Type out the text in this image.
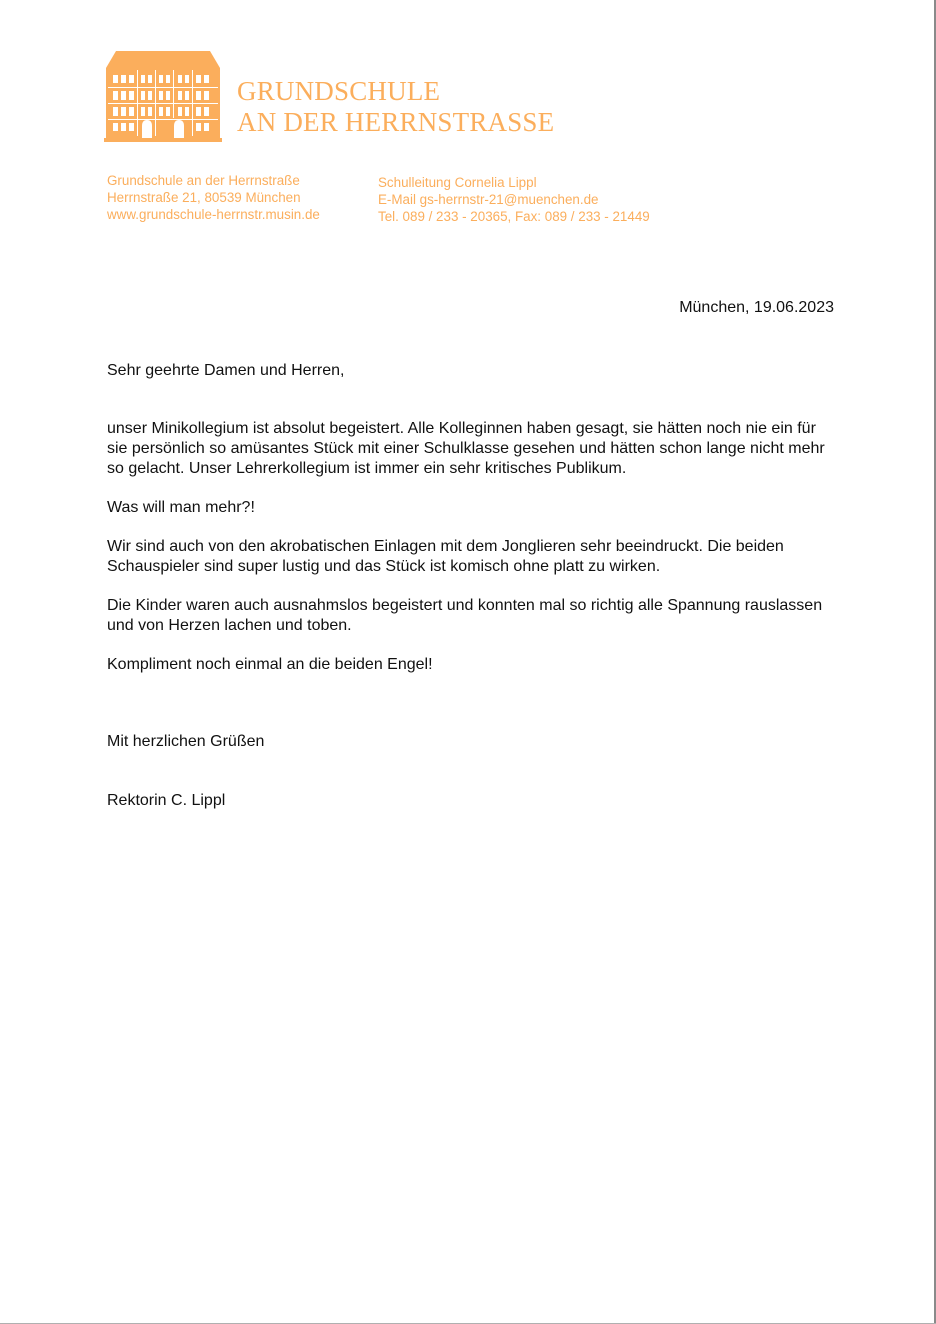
GRUNDSCHULE
AN DER HERRNSTRASSE
Grundschule an der Herrnstraße
Herrnstraße 21, 80539 München
www.grundschule-herrnstr.musin.de
Schulleitung Cornelia Lippl
E-Mail gs-herrnstr-21@muenchen.de
Tel. 089 / 233 - 20365, Fax: 089 / 233 - 21449
München, 19.06.2023
Sehr geehrte Damen und Herren,

unser Minikollegium ist absolut begeistert. Alle Kolleginnen haben gesagt, sie hätten noch nie ein für sie persönlich so amüsantes Stück mit einer Schulklasse gesehen und hätten schon lange nicht mehr so gelacht. Unser Lehrerkollegium ist immer ein sehr kritisches Publikum.

Was will man mehr?!

Wir sind auch von den akrobatischen Einlagen mit dem Jonglieren sehr beeindruckt. Die beiden Schauspieler sind super lustig und das Stück ist komisch ohne platt zu wirken.

Die Kinder waren auch ausnahmslos begeistert und konnten mal so richtig alle Spannung rauslassen und von Herzen lachen und toben.

Kompliment noch einmal an die beiden Engel!

Mit herzlichen Grüßen
Rektorin C. Lippl
